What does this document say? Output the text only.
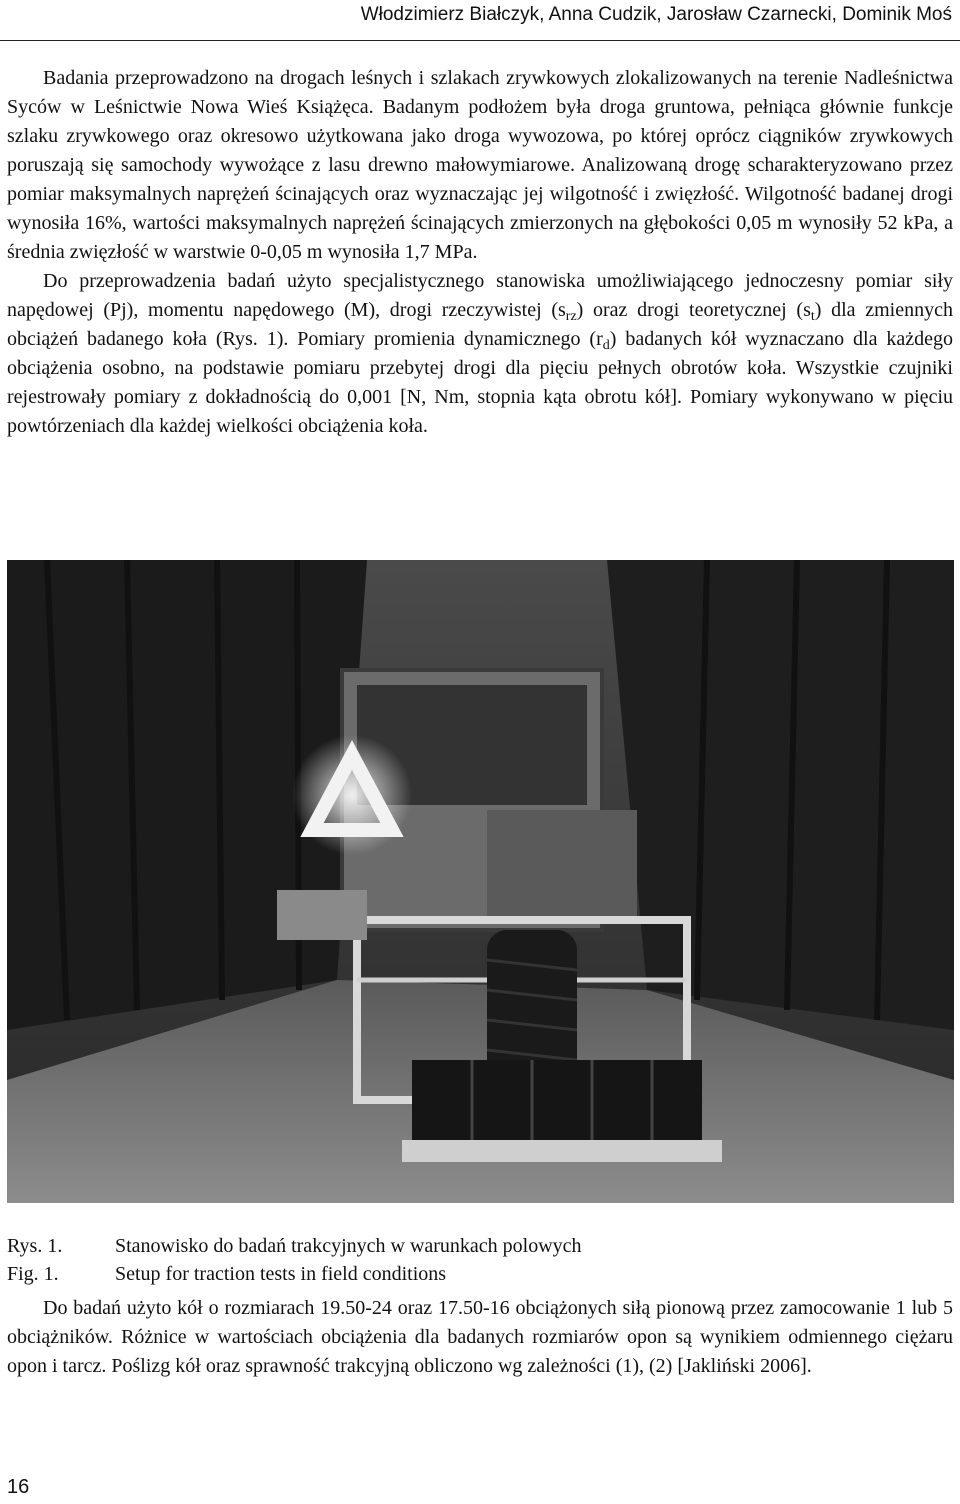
Włodzimierz Białczyk, Anna Cudzik, Jarosław Czarnecki, Dominik Moś

Badania przeprowadzono na drogach leśnych i szlakach zrywkowych zlokalizowanych na terenie Nadleśnictwa Syców w Leśnictwie Nowa Wieś Książęca. Badanym podłożem była droga gruntowa, pełniąca głównie funkcje szlaku zrywkowego oraz okresowo użytkowana jako droga wywozowa, po której oprócz ciągników zrywkowych poruszają się samochody wywożące z lasu drewno małowymiarowe. Analizowaną drogę scharakteryzowano przez pomiar maksymalnych naprężeń ścinających oraz wyznaczając jej wilgotność i zwięzłość. Wilgotność badanej drogi wynosiła 16%, wartości maksymalnych naprężeń ścinających zmierzonych na głębokości 0,05 m wynosiły 52 kPa, a średnia zwięzłość w warstwie 0-0,05 m wynosiła 1,7 MPa.

Do przeprowadzenia badań użyto specjalistycznego stanowiska umożliwiającego jednoczesny pomiar siły napędowej (Pj), momentu napędowego (M), drogi rzeczywistej $(s_{rz})$ oraz drogi teoretycznej $(s_t)$ dla zmiennych obciążeń badanego koła (Rys. 1). Pomiary promienia dynamicznego $(r_d)$ badanych kół wyznaczano dla każdego obciążenia osobno, na podstawie pomiaru przebytej drogi dla pięciu pełnych obrotów koła. Wszystkie czujniki rejestrowały pomiary z dokładnością do 0,001 [N, Nm, stopnia kąta obrotu kół]. Pomiary wykonywano w pięciu powtórzeniach dla każdej wielkości obciążenia koła.

Rys. 1.	Stanowisko do badań trakcyjnych w warunkach polowych
Fig. 1.	Setup for traction tests in field conditions

Do badań użyto kół o rozmiarach 19.50-24 oraz 17.50-16 obciążonych siłą pionową przez zamocowanie 1 lub 5 obciążników. Różnice w wartościach obciążenia dla badanych rozmiarów opon są wynikiem odmiennego ciężaru opon i tarcz. Poślizg kół oraz sprawność trakcyjną obliczono wg zależności (1), (2) [Jakliński 2006].

16
